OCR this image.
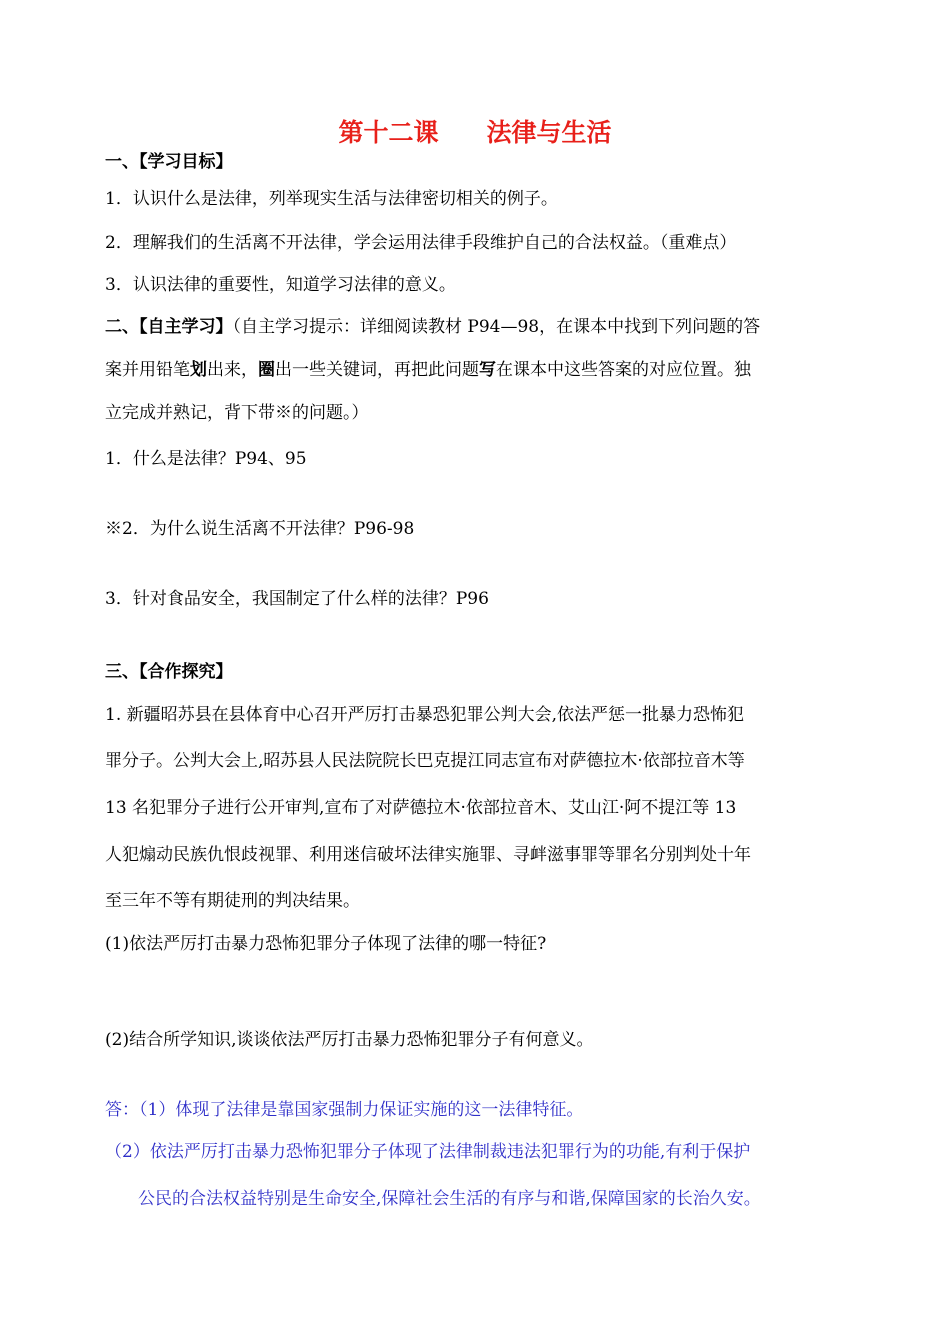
第十二课 法律与生活
一、【学习目标】
1．认识什么是法律，列举现实生活与法律密切相关的例子。
2．理解我们的生活离不开法律，学会运用法律手段维护自己的合法权益。（重难点）
3．认识法律的重要性，知道学习法律的意义。
二、【自主学习】（自主学习提示：详细阅读教材 P94—98，在课本中找到下列问题的答
案并用铅笔划出来，圈出一些关键词，再把此问题写在课本中这些答案的对应位置。独
立完成并熟记，背下带※的问题。）
1．什么是法律？P94、95
※2．为什么说生活离不开法律？P96-98
3．针对食品安全，我国制定了什么样的法律？P96
三、【合作探究】
1. 新疆昭苏县在县体育中心召开严厉打击暴恐犯罪公判大会,依法严惩一批暴力恐怖犯
罪分子。公判大会上,昭苏县人民法院院长巴克提江同志宣布对萨德拉木·依部拉音木等
13 名犯罪分子进行公开审判,宣布了对萨德拉木·依部拉音木、艾山江·阿不提江等 13
人犯煽动民族仇恨歧视罪、利用迷信破坏法律实施罪、寻衅滋事罪等罪名分别判处十年
至三年不等有期徒刑的判决结果。
(1)依法严厉打击暴力恐怖犯罪分子体现了法律的哪一特征?
(2)结合所学知识,谈谈依法严厉打击暴力恐怖犯罪分子有何意义。
答：（1）体现了法律是靠国家强制力保证实施的这一法律特征。
（2）依法严厉打击暴力恐怖犯罪分子体现了法律制裁违法犯罪行为的功能,有利于保护
公民的合法权益特别是生命安全,保障社会生活的有序与和谐,保障国家的长治久安。
